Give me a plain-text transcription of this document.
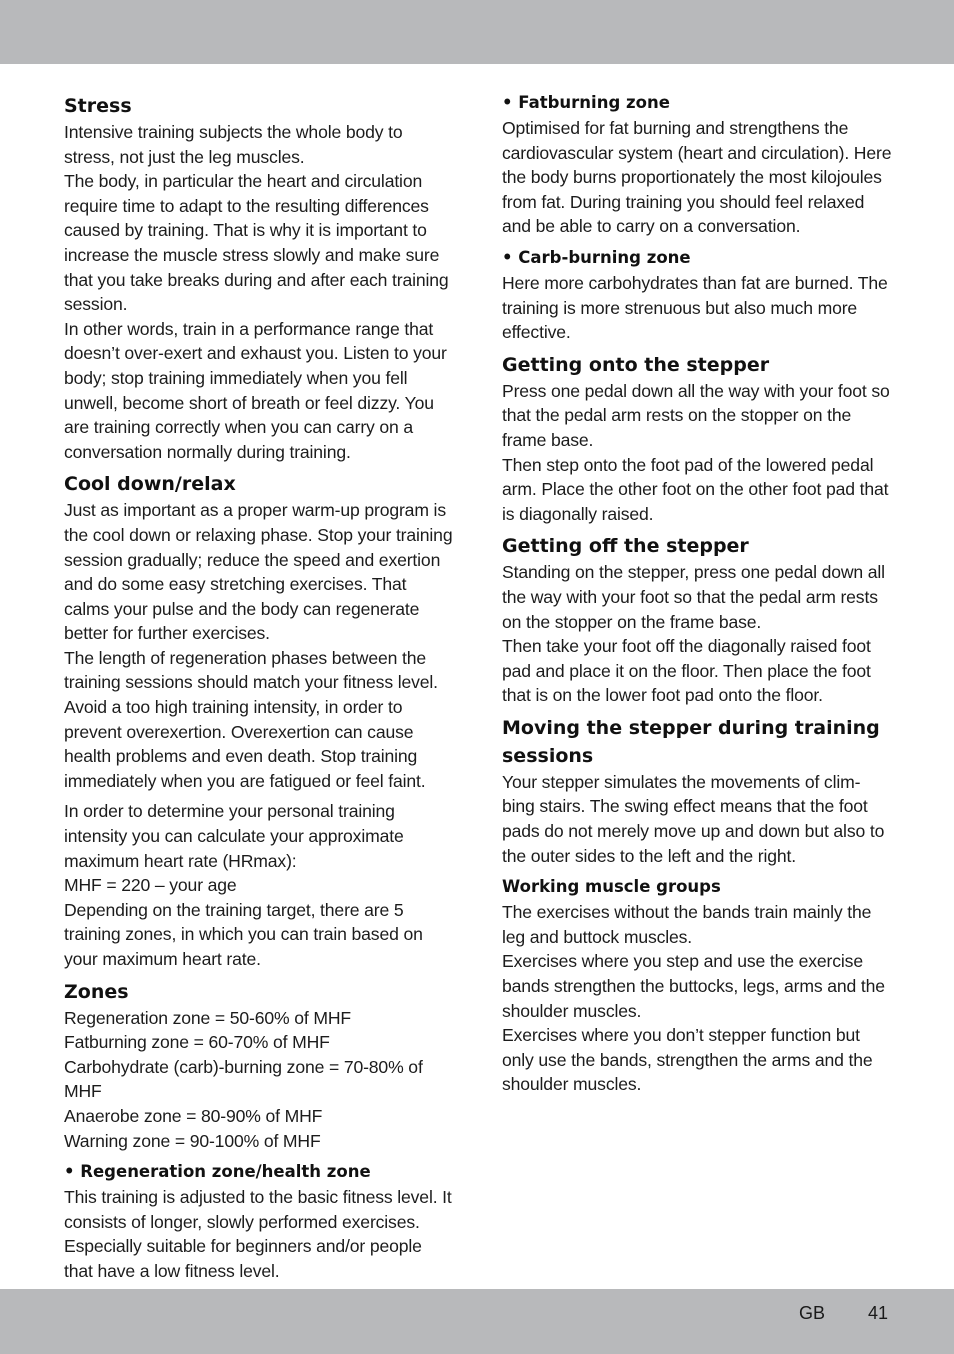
Stress

Intensive training subjects the whole body to stress, not just the leg muscles.

The body, in particular the heart and circulation require time to adapt to the resulting differences caused by training. That is why it is important to increase the muscle stress slowly and make sure that you take breaks during and after each training session.

In other words, train in a performance range that doesn’t over-exert and exhaust you. Listen to your body; stop training immediately when you fell unwell, become short of breath or feel dizzy. You are training correctly when you can carry on a conversation normally during training.

Cool down/relax

Just as important as a proper warm-up program is the cool down or relaxing phase. Stop your training session gradually; reduce the speed and exertion and do some easy stretching exercises. That calms your pulse and the body can regenerate better for further exercises.

The length of regeneration phases between the training sessions should match your fitness level. Avoid a too high training intensity, in order to prevent overexertion. Overexertion can cause health problems and even death. Stop training immediately when you are fatigued or feel faint.

In order to determine your personal training intensity you can calculate your approximate maximum heart rate (HRmax):

MHF = 220 – your age

Depending on the training target, there are 5 training zones, in which you can train based on your maximum heart rate.

Zones

Regeneration zone = 50-60% of MHF

Fatburning zone = 60-70% of MHF

Carbohydrate (carb)-burning zone = 70-80% of MHF

Anaerobe zone = 80-90% of MHF

Warning zone = 90-100% of MHF

• Regeneration zone/health zone

This training is adjusted to the basic fitness level. It consists of longer, slowly performed exercises. Especially suitable for beginners and/or people that have a low fitness level.

• Fatburning zone

Optimised for fat burning and strengthens the cardiovascular system (heart and circulation). Here the body burns proportionately the most kilojoules from fat. During training you should feel relaxed and be able to carry on a conversation.

• Carb-burning zone

Here more carbohydrates than fat are burned. The training is more strenuous but also much more effective.

Getting onto the stepper

Press one pedal down all the way with your foot so that the pedal arm rests on the stopper on the frame base.

Then step onto the foot pad of the lowered pedal arm. Place the other foot on the other foot pad that is diagonally raised.

Getting off the stepper

Standing on the stepper, press one pedal down all the way with your foot so that the pedal arm rests on the stopper on the frame base.

Then take your foot off the diagonally raised foot pad and place it on the floor. Then place the foot that is on the lower foot pad onto the floor.

Moving the stepper during training sessions

Your stepper simulates the movements of clim- bing stairs. The swing effect means that the foot pads do not merely move up and down but also to the outer sides to the left and the right.

Working muscle groups

The exercises without the bands train mainly the leg and buttock muscles.

Exercises where you step and use the exercise bands strengthen the buttocks, legs, arms and the shoulder muscles.

Exercises where you don’t stepper function but only use the bands, strengthen the arms and the shoulder muscles.

GB 41
